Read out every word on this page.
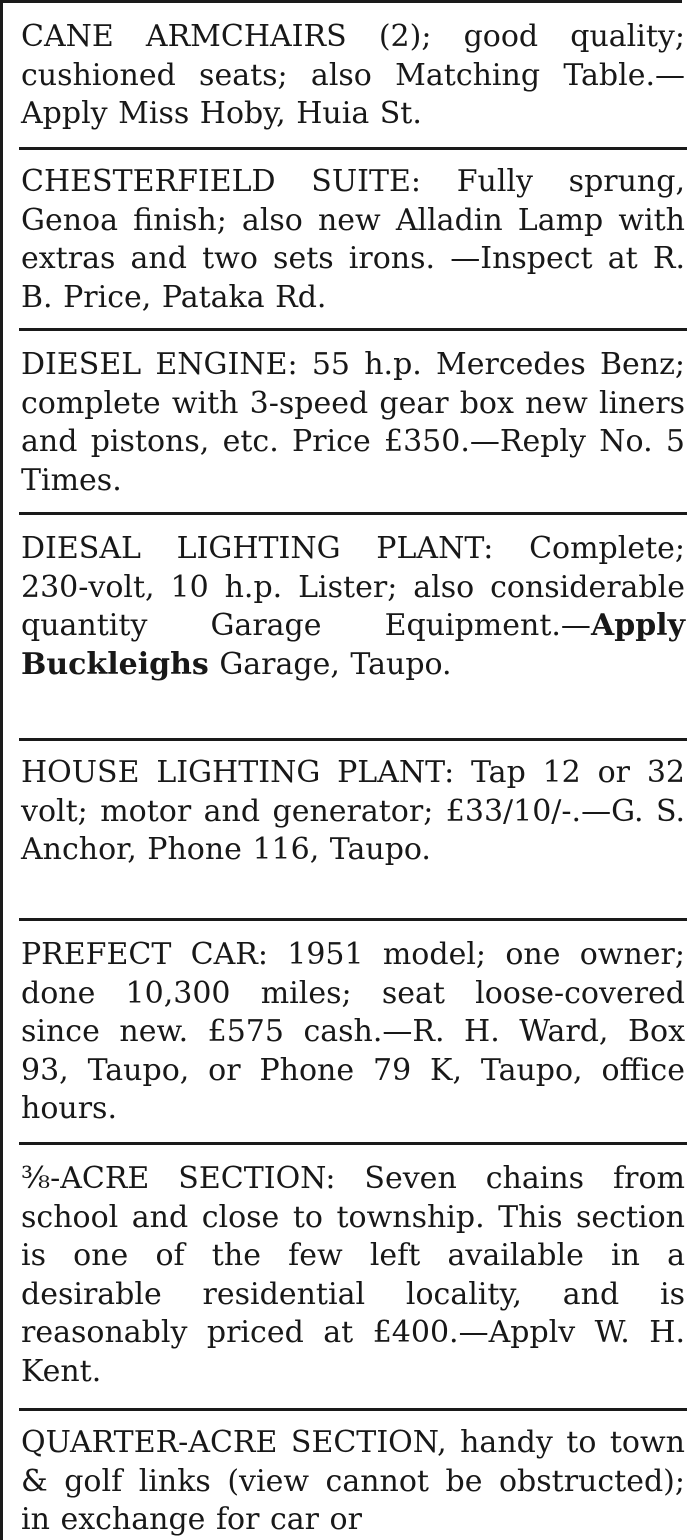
CANE ARMCHAIRS (2); good quality; cushioned seats; also Matching Table.—Apply Miss Hoby, Huia St.

CHESTERFIELD SUITE: Fully sprung, Genoa finish; also new Alladin Lamp with extras and two sets irons. —Inspect at R. B. Price, Pataka Rd.

DIESEL ENGINE: 55 h.p. Mercedes Benz; complete with 3-speed gear box new liners and pistons, etc. Price £350.—Reply No. 5 Times.

DIESAL LIGHTING PLANT: Complete; 230-volt, 10 h.p. Lister; also considerable quantity Garage Equipment.—Apply Buckleighs Garage, Taupo.

HOUSE LIGHTING PLANT: Tap 12 or 32 volt; motor and generator; £33/10/-.—G. S. Anchor, Phone 116, Taupo.

PREFECT CAR: 1951 model; one owner; done 10,300 miles; seat loose-covered since new. £575 cash.—R. H. Ward, Box 93, Taupo, or Phone 79 K, Taupo, office hours.

⅜-ACRE SECTION: Seven chains from school and close to township. This section is one of the few left available in a desirable residential locality, and is reasonably priced at £400.—Applv W. H. Kent.

QUARTER-ACRE SECTION, handy to town & golf links (view cannot be obstructed); in exchange for car or
